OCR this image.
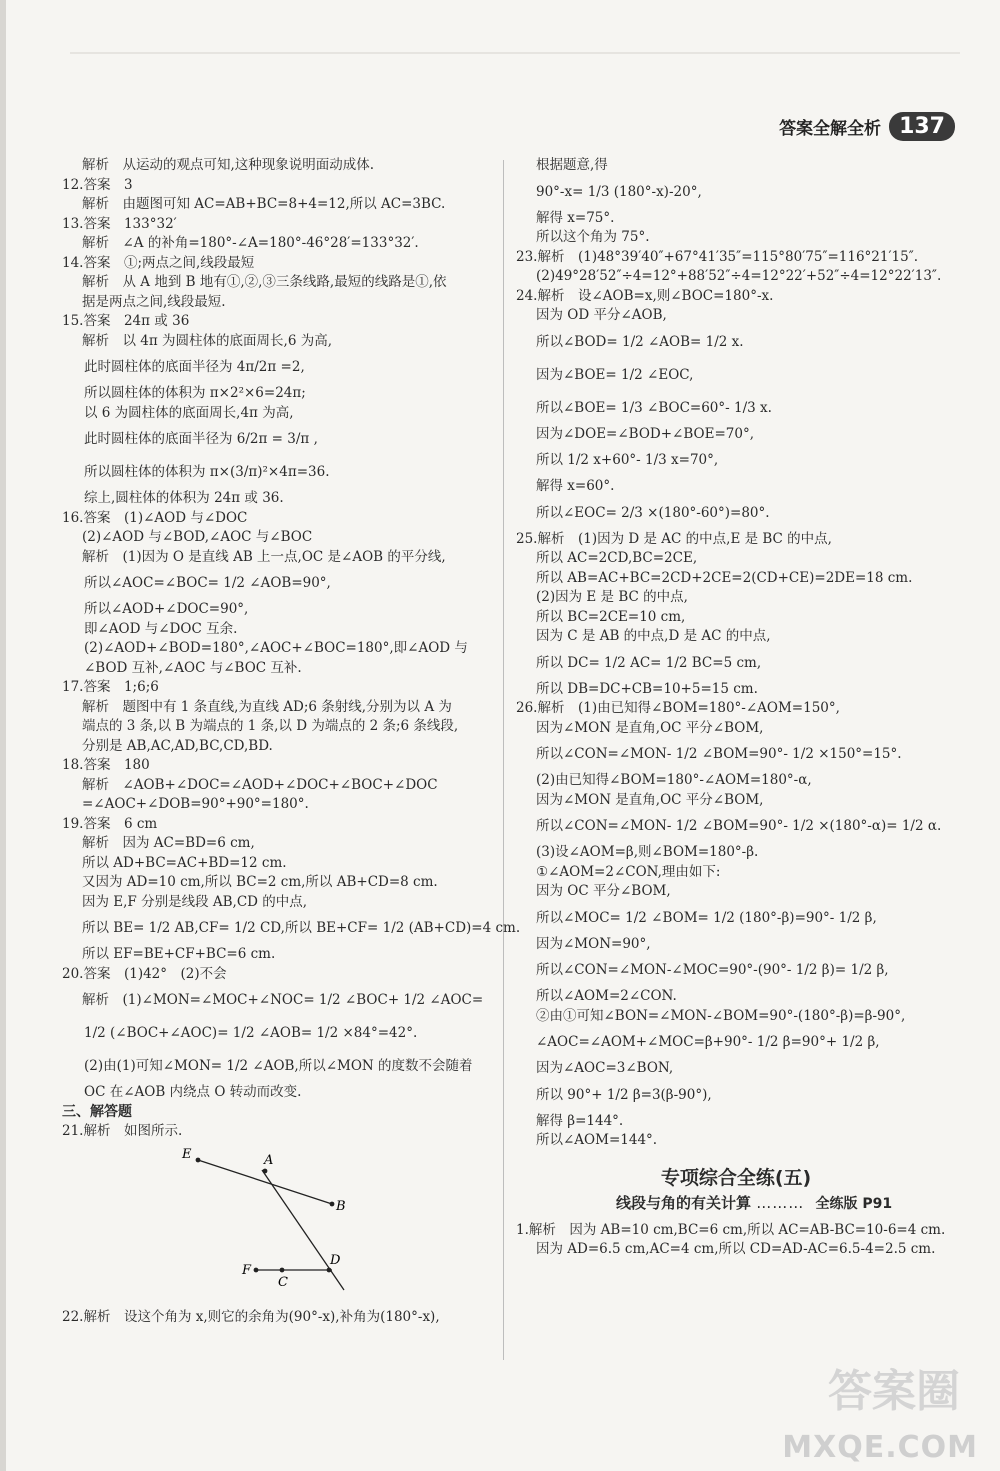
答案全解全析 137
解析　从运动的观点可知,这种现象说明面动成体.
12.答案　3
解析　由题图可知 AC=AB+BC=8+4=12,所以 AC=3BC.
13.答案　133°32′
解析　∠A 的补角=180°-∠A=180°-46°28′=133°32′.
14.答案　①;两点之间,线段最短
解析　从 A 地到 B 地有①,②,③三条线路,最短的线路是①,依
据是两点之间,线段最短.
15.答案　24π 或 36
解析　以 4π 为圆柱体的底面周长,6 为高,
此时圆柱体的底面半径为 4π/2π =2,
所以圆柱体的体积为 π×2²×6=24π;
以 6 为圆柱体的底面周长,4π 为高,
此时圆柱体的底面半径为 6/2π = 3/π ,
所以圆柱体的体积为 π×(3/π)²×4π=36.
综上,圆柱体的体积为 24π 或 36.
16.答案　(1)∠AOD 与∠DOC
(2)∠AOD 与∠BOD,∠AOC 与∠BOC
解析　(1)因为 O 是直线 AB 上一点,OC 是∠AOB 的平分线,
所以∠AOC=∠BOC= 1/2 ∠AOB=90°,
所以∠AOD+∠DOC=90°,
即∠AOD 与∠DOC 互余.
(2)∠AOD+∠BOD=180°,∠AOC+∠BOC=180°,即∠AOD 与
∠BOD 互补,∠AOC 与∠BOC 互补.
17.答案　1;6;6
解析　题图中有 1 条直线,为直线 AD;6 条射线,分别为以 A 为
端点的 3 条,以 B 为端点的 1 条,以 D 为端点的 2 条;6 条线段,
分别是 AB,AC,AD,BC,CD,BD.
18.答案　180
解析　∠AOB+∠DOC=∠AOD+∠DOC+∠BOC+∠DOC
=∠AOC+∠DOB=90°+90°=180°.
19.答案　6 cm
解析　因为 AC=BD=6 cm,
所以 AD+BC=AC+BD=12 cm.
又因为 AD=10 cm,所以 BC=2 cm,所以 AB+CD=8 cm.
因为 E,F 分别是线段 AB,CD 的中点,
所以 BE= 1/2 AB,CF= 1/2 CD,所以 BE+CF= 1/2 (AB+CD)=4 cm.
所以 EF=BE+CF+BC=6 cm.
20.答案　(1)42°　(2)不会
解析　(1)∠MON=∠MOC+∠NOC= 1/2 ∠BOC+ 1/2 ∠AOC=
1/2 (∠BOC+∠AOC)= 1/2 ∠AOB= 1/2 ×84°=42°.
(2)由(1)可知∠MON= 1/2 ∠AOB,所以∠MON 的度数不会随着
OC 在∠AOB 内绕点 O 转动而改变.
三、解答题
21.解析　如图所示.
E	A
B
F
C
D
22.解析　设这个角为 x,则它的余角为(90°-x),补角为(180°-x),
根据题意,得
90°-x= 1/3 (180°-x)-20°,
解得 x=75°.
所以这个角为 75°.
23.解析　(1)48°39′40″+67°41′35″=115°80′75″=116°21′15″.
(2)49°28′52″÷4=12°+88′52″÷4=12°22′+52″÷4=12°22′13″.
24.解析　设∠AOB=x,则∠BOC=180°-x.
因为 OD 平分∠AOB,
所以∠BOD= 1/2 ∠AOB= 1/2 x.
因为∠BOE= 1/2 ∠EOC,
所以∠BOE= 1/3 ∠BOC=60°- 1/3 x.
因为∠DOE=∠BOD+∠BOE=70°,
所以 1/2 x+60°- 1/3 x=70°,
解得 x=60°.
所以∠EOC= 2/3 ×(180°-60°)=80°.
25.解析　(1)因为 D 是 AC 的中点,E 是 BC 的中点,
所以 AC=2CD,BC=2CE,
所以 AB=AC+BC=2CD+2CE=2(CD+CE)=2DE=18 cm.
(2)因为 E 是 BC 的中点,
所以 BC=2CE=10 cm,
因为 C 是 AB 的中点,D 是 AC 的中点,
所以 DC= 1/2 AC= 1/2 BC=5 cm,
所以 DB=DC+CB=10+5=15 cm.
26.解析　(1)由已知得∠BOM=180°-∠AOM=150°,
因为∠MON 是直角,OC 平分∠BOM,
所以∠CON=∠MON- 1/2 ∠BOM=90°- 1/2 ×150°=15°.
(2)由已知得∠BOM=180°-∠AOM=180°-α,
因为∠MON 是直角,OC 平分∠BOM,
所以∠CON=∠MON- 1/2 ∠BOM=90°- 1/2 ×(180°-α)= 1/2 α.
(3)设∠AOM=β,则∠BOM=180°-β.
①∠AOM=2∠CON,理由如下:
因为 OC 平分∠BOM,
所以∠MOC= 1/2 ∠BOM= 1/2 (180°-β)=90°- 1/2 β,
因为∠MON=90°,
所以∠CON=∠MON-∠MOC=90°-(90°- 1/2 β)= 1/2 β,
所以∠AOM=2∠CON.
②由①可知∠BON=∠MON-∠BOM=90°-(180°-β)=β-90°,
∠AOC=∠AOM+∠MOC=β+90°- 1/2 β=90°+ 1/2 β,
因为∠AOC=3∠BON,
所以 90°+ 1/2 β=3(β-90°),
解得 β=144°.
所以∠AOM=144°.
专项综合全练(五)
线段与角的有关计算 ……… 全练版 P91
1.解析　因为 AB=10 cm,BC=6 cm,所以 AC=AB-BC=10-6=4 cm.
因为 AD=6.5 cm,AC=4 cm,所以 CD=AD-AC=6.5-4=2.5 cm.
答案圈
MXQE.COM
